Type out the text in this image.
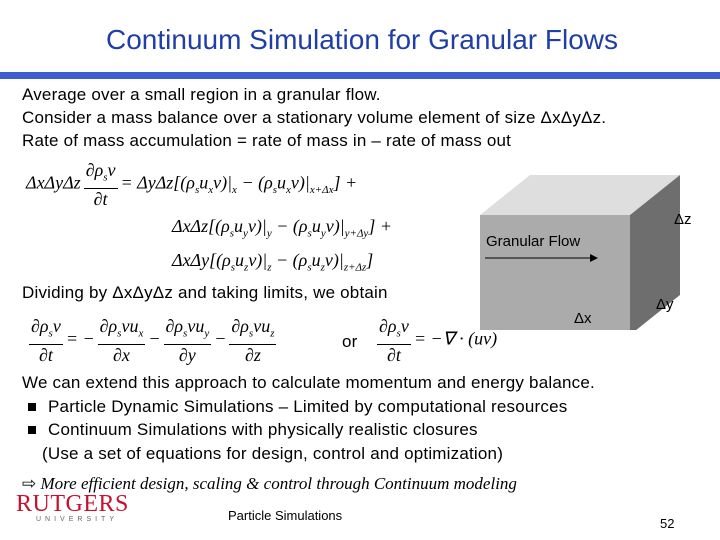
Continuum Simulation for Granular Flows
Average over a small region in a granular flow.
Consider a mass balance over a stationary volume element of size ΔxΔyΔz.
Rate of mass accumulation = rate of mass in – rate of mass out
ΔxΔyΔz $\frac{\partial\rho_sv}{\partial t} = \Delta y\Delta z[(\rho_su_xv)|_x - (\rho_su_xv)|_{x+\Delta x}]$ +
$\Delta x\Delta z[(\rho_su_yv)|_y - (\rho_su_yv)|_{y+\Delta y}]$ +
$\Delta x\Delta y[(\rho_su_zv)|_z - (\rho_su_zv)|_{z+\Delta z}]$
Dividing by ΔxΔyΔz and taking limits, we obtain
$\frac{\partial\rho_sv}{\partial t}$ = − $\frac{\partial\rho_svu_x}{\partial x} - \frac{\partial\rho_svu_y}{\partial y} - \frac{\partial\rho_svu_z}{\partial z}$	or $\frac{\partial\rho_sv}{\partial t}$ = −∇ · (uv)
Granular Flow
Δz
Δx
Δy
We can extend this approach to calculate momentum and energy balance.
Particle Dynamic Simulations – Limited by computational resources
Continuum Simulations with physically realistic closures
(Use a set of equations for design, control and optimization)
⇨ More efficient design, scaling & control through Continuum modeling
RUTGERS
UNIVERSITY	Particle Simulations
52
